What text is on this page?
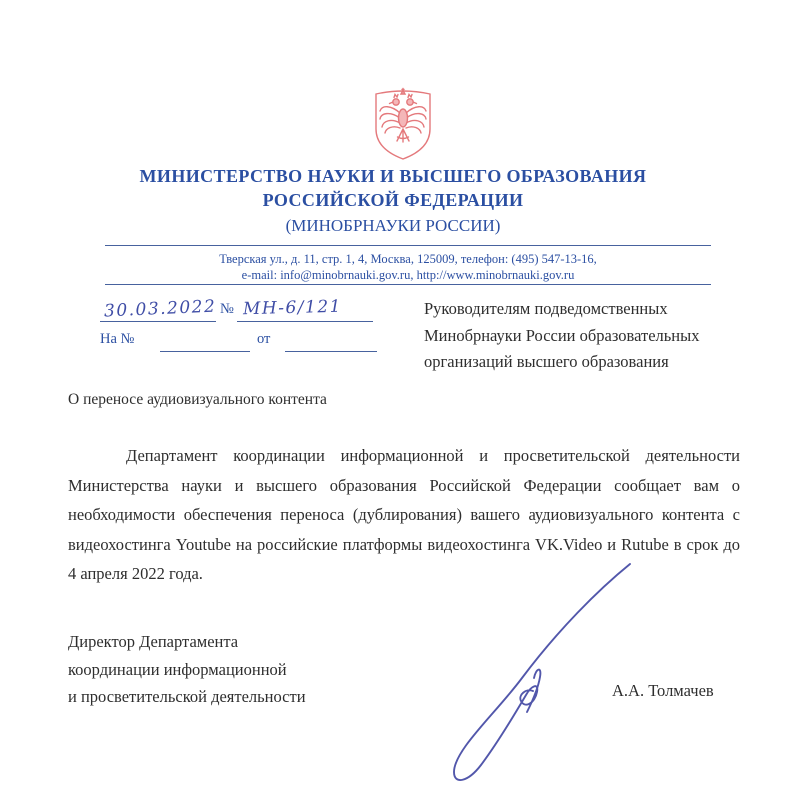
МИНИСТЕРСТВО НАУКИ И ВЫСШЕГО ОБРАЗОВАНИЯ
РОССИЙСКОЙ ФЕДЕРАЦИИ
(МИНОБРНАУКИ РОССИИ)
Тверская ул., д. 11, стр. 1, 4, Москва, 125009, телефон: (495) 547-13-16,
e-mail: info@minobrnauki.gov.ru, http://www.minobrnauki.gov.ru
30.03.2022 № МН-6/121
На №	от
Руководителям подведомственных
Минобрнауки России образовательных
организаций высшего образования
О переносе аудиовизуального контента
Департамент координации информационной и просветительской деятельности Министерства науки и высшего образования Российской Федерации сообщает вам о необходимости обеспечения переноса (дублирования) вашего аудиовизуального контента с видеохостинга Youtube на российские платформы видеохостинга VK.Video и Rutube в срок до 4 апреля 2022 года.
Директор Департамента
координации информационной
и просветительской деятельности	А.А. Толмачев
